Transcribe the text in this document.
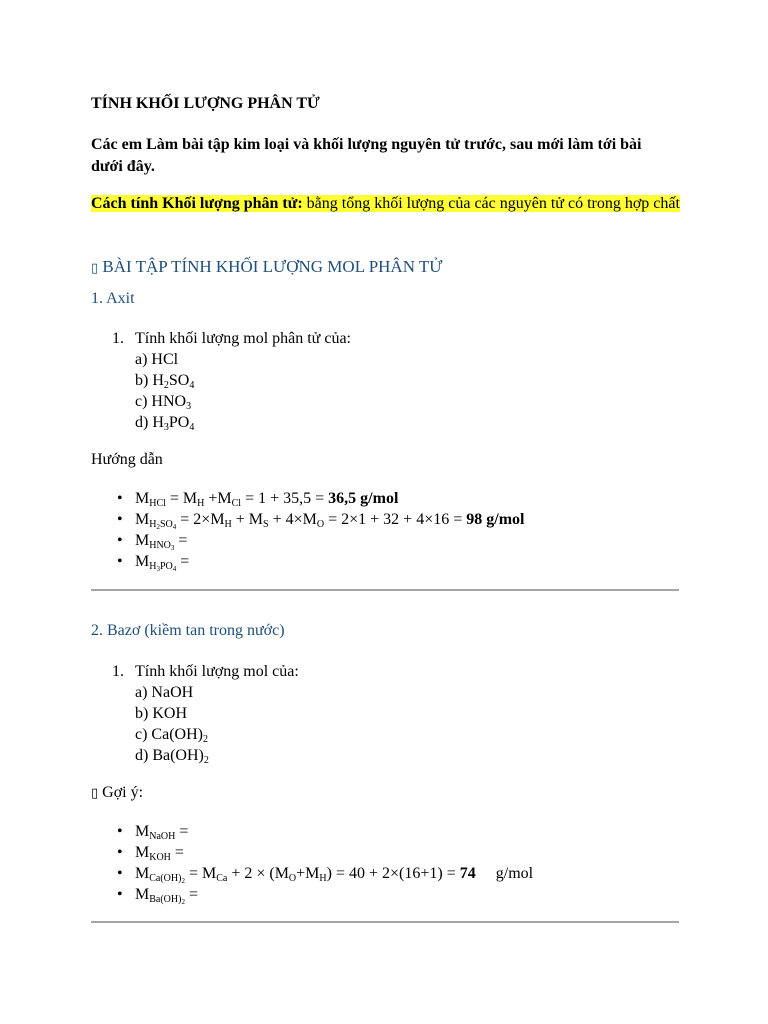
TÍNH KHỐI LƯỢNG PHÂN TỬ
Các em Làm bài tập kim loại và khối lượng nguyên tử trước, sau mới làm tới bài dưới đây.
Cách tính Khối lượng phân tử: bằng tổng khối lượng của các nguyên tử có trong hợp chất
▯ BÀI TẬP TÍNH KHỐI LƯỢNG MOL PHÂN TỬ
1. Axit
1. Tính khối lượng mol phân tử của:
a) HCl
b) H2SO4
c) HNO3
d) H3PO4
Hướng dẫn
• MHCl = MH +MCl = 1 + 35,5 = 36,5 g/mol
• $MH_2SO_4 = 2\times MH$ + MS + 4×MO = 2×1 + 32 + 4×16 = 98 g/mol
• $MHNO_3$ =
• $MH_3PO_4$ =
2. Bazơ (kiềm tan trong nước)
1. Tính khối lượng mol của:
a) NaOH
b) KOH
c) Ca(OH)2
d) Ba(OH)2
▯ Gợi ý:
• MNaOH =
• MKOH =
• $MCa(OH)_2$ = MCa + 2 × (MO+MH) = 40 + 2×(16+1) = 74     g/mol
• $MBa(OH)_2$ =
